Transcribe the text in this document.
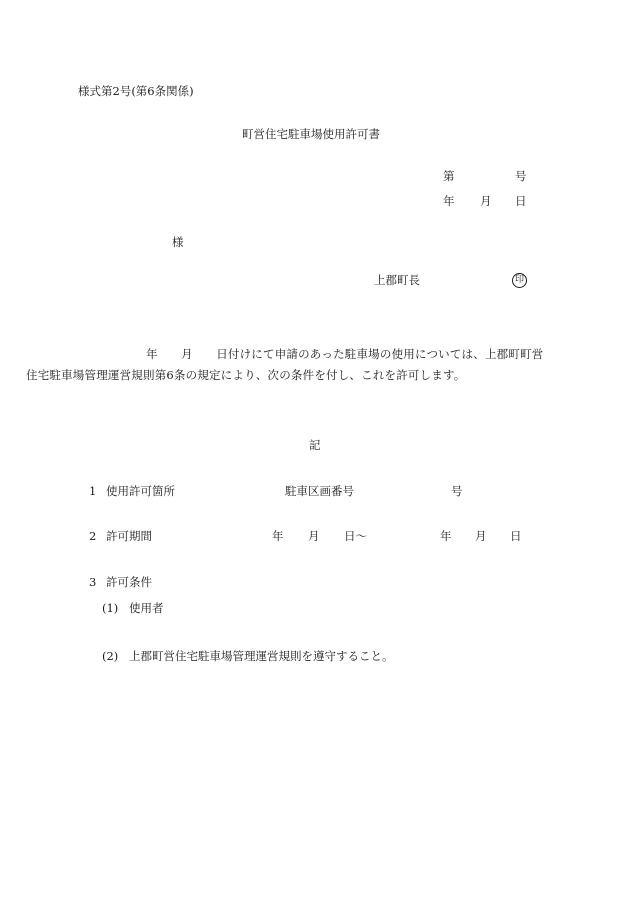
様式第2号(第6条関係)
町営住宅駐車場使用許可書
第	号
年 月 日
様
上郡町長	印
年　　月　　日付けにて申請のあった駐車場の使用については、上郡町町営
住宅駐車場管理運営規則第6条の規定により、次の条件を付し、これを許可します。
記
1 使用許可箇所	駐車区画番号	号
2 許可期間	年 月 日〜	年 月 日
3 許可条件
(1) 使用者
(2) 上郡町営住宅駐車場管理運営規則を遵守すること。
